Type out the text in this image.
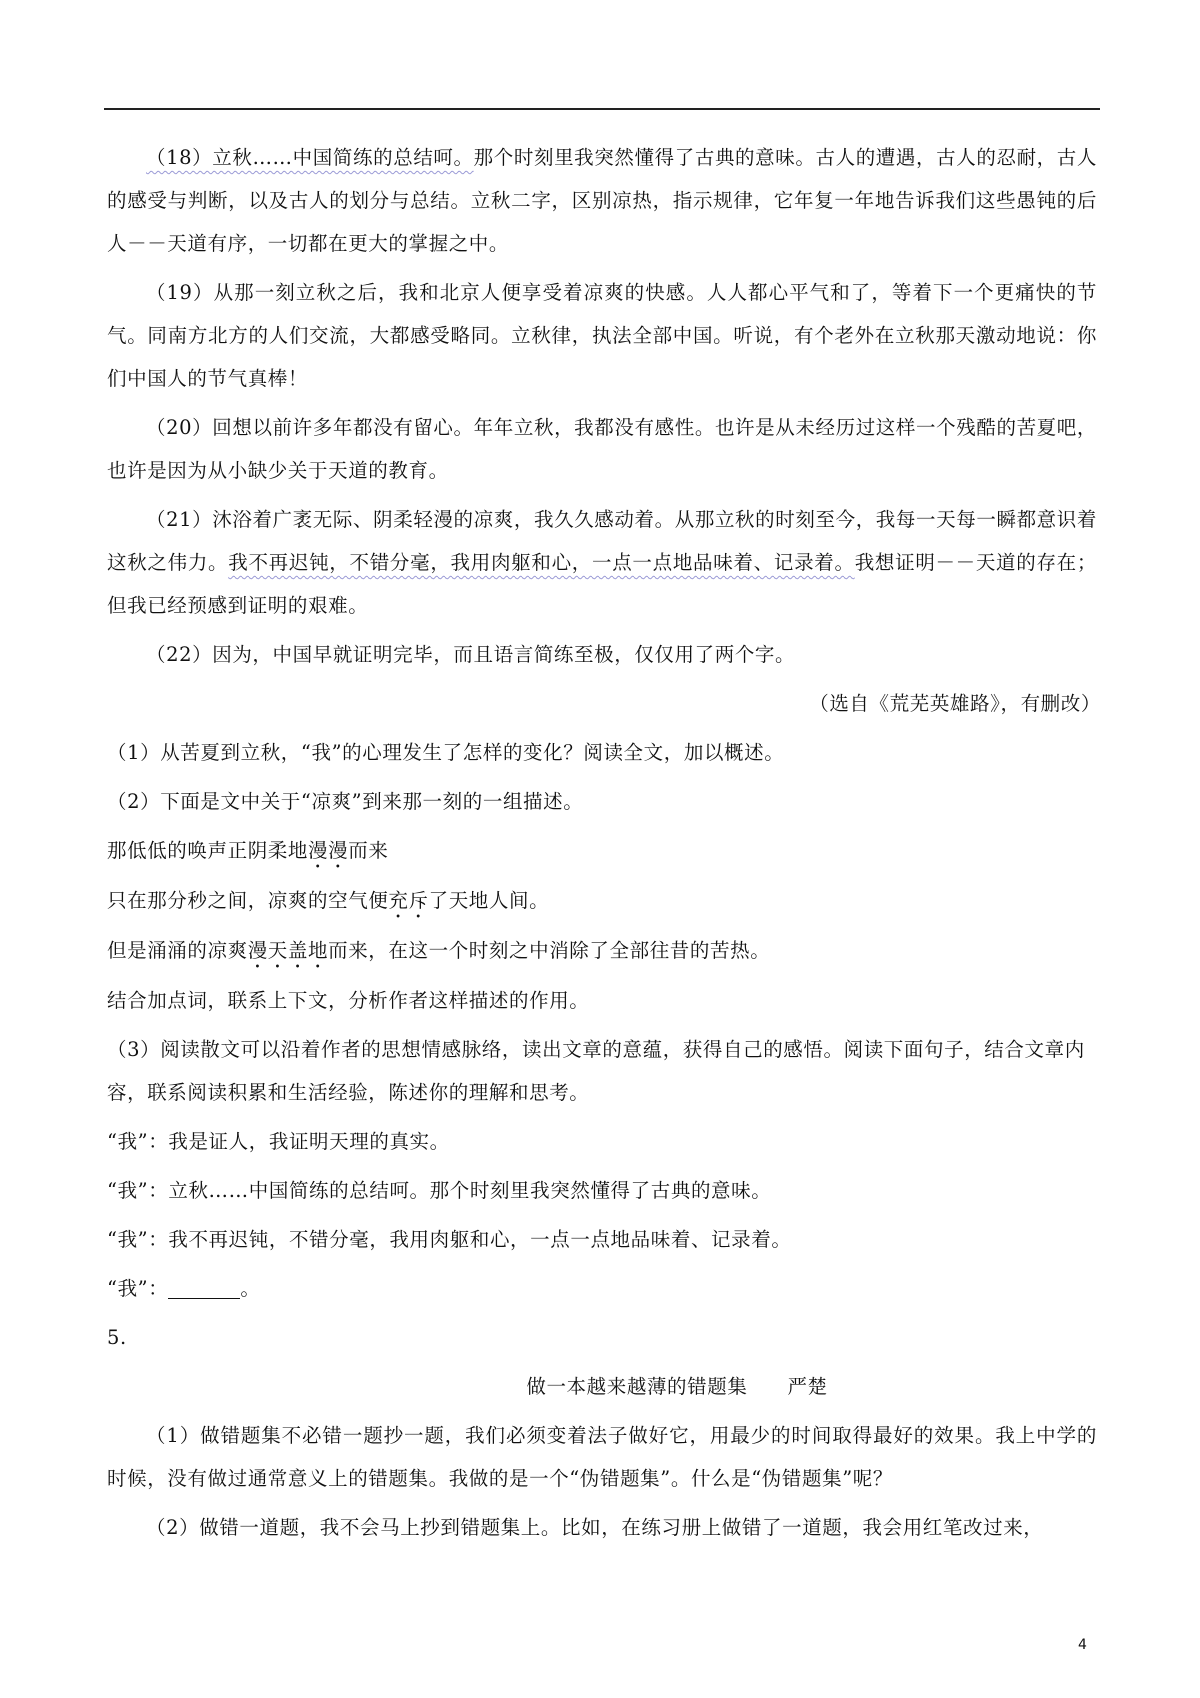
（18）立秋……中国简练的总结呵。那个时刻里我突然懂得了古典的意味。古人的遭遇，古人的忍耐，古人的感受与判断，以及古人的划分与总结。立秋二字，区别凉热，指示规律，它年复一年地告诉我们这些愚钝的后人－－天道有序，一切都在更大的掌握之中。

（19）从那一刻立秋之后，我和北京人便享受着凉爽的快感。人人都心平气和了，等着下一个更痛快的节气。同南方北方的人们交流，大都感受略同。立秋律，执法全部中国。听说，有个老外在立秋那天激动地说：你们中国人的节气真棒！

（20）回想以前许多年都没有留心。年年立秋，我都没有感性。也许是从未经历过这样一个残酷的苦夏吧，也许是因为从小缺少关于天道的教育。

（21）沐浴着广袤无际、阴柔轻漫的凉爽，我久久感动着。从那立秋的时刻至今，我每一天每一瞬都意识着这秋之伟力。我不再迟钝，不错分毫，我用肉躯和心，一点一点地品味着、记录着。我想证明－－天道的存在；但我已经预感到证明的艰难。

（22）因为，中国早就证明完毕，而且语言简练至极，仅仅用了两个字。

（选自《荒芜英雄路》，有删改）

（1）从苦夏到立秋，“我”的心理发生了怎样的变化？阅读全文，加以概述。

（2）下面是文中关于“凉爽”到来那一刻的一组描述。

那低低的唤声正阴柔地漫漫而来

只在那分秒之间，凉爽的空气便充斥了天地人间。

但是涌涌的凉爽漫天盖地而来，在这一个时刻之中消除了全部往昔的苦热。

结合加点词，联系上下文，分析作者这样描述的作用。

（3）阅读散文可以沿着作者的思想情感脉络，读出文章的意蕴，获得自己的感悟。阅读下面句子，结合文章内容，联系阅读积累和生活经验，陈述你的理解和思考。

“我”：我是证人，我证明天理的真实。

“我”：立秋……中国简练的总结呵。那个时刻里我突然懂得了古典的意味。

“我”：我不再迟钝，不错分毫，我用肉躯和心，一点一点地品味着、记录着。

“我”：	。

5.

做一本越来越薄的错题集 严楚

（1）做错题集不必错一题抄一题，我们必须变着法子做好它，用最少的时间取得最好的效果。我上中学的时候，没有做过通常意义上的错题集。我做的是一个“伪错题集”。什么是“伪错题集”呢？

（2）做错一道题，我不会马上抄到错题集上。比如，在练习册上做错了一道题，我会用红笔改过来，

4
